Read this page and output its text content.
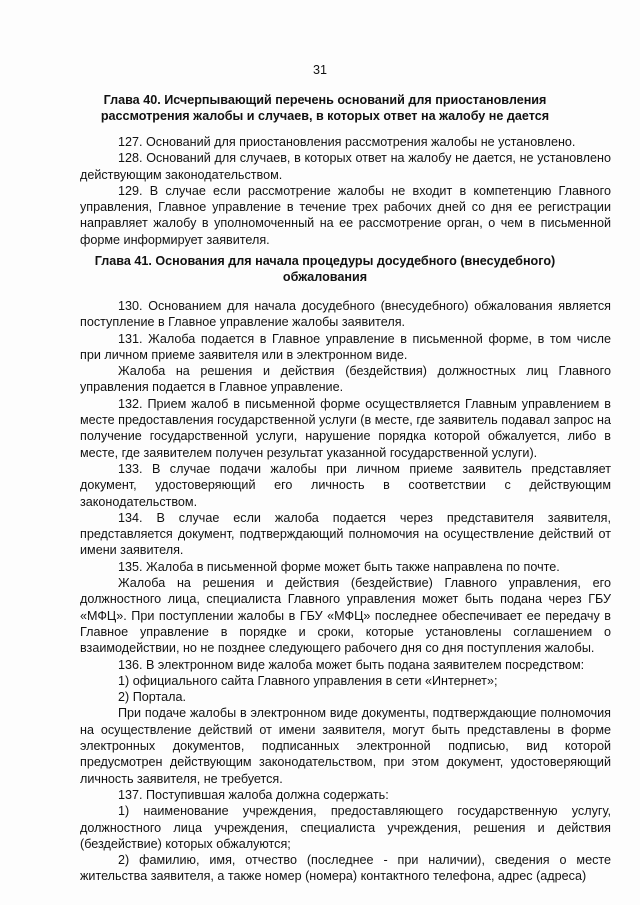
31
Глава 40. Исчерпывающий перечень оснований для приостановления
рассмотрения жалобы и случаев, в которых ответ на жалобу не дается

127. Оснований для приостановления рассмотрения жалобы не установлено.

128. Оснований для случаев, в которых ответ на жалобу не дается, не установлено действующим законодательством.

129. В случае если рассмотрение жалобы не входит в компетенцию Главного управления, Главное управление в течение трех рабочих дней со дня ее регистрации направляет жалобу в уполномоченный на ее рассмотрение орган, о чем в письменной форме информирует заявителя.

Глава 41. Основания для начала процедуры досудебного (внесудебного)
обжалования

130. Основанием для начала досудебного (внесудебного) обжалования является поступление в Главное управление жалобы заявителя.

131. Жалоба подается в Главное управление в письменной форме, в том числе при личном приеме заявителя или в электронном виде.

Жалоба на решения и действия (бездействия) должностных лиц Главного управления подается в Главное управление.

132. Прием жалоб в письменной форме осуществляется Главным управлением в месте предоставления государственной услуги (в месте, где заявитель подавал запрос на получение государственной услуги, нарушение порядка которой обжалуется, либо в месте, где заявителем получен результат указанной государственной услуги).

133. В случае подачи жалобы при личном приеме заявитель представляет документ, удостоверяющий его личность в соответствии с действующим законодательством.

134. В случае если жалоба подается через представителя заявителя, представляется документ, подтверждающий полномочия на осуществление действий от имени заявителя.

135. Жалоба в письменной форме может быть также направлена по почте.

Жалоба на решения и действия (бездействие) Главного управления, его должностного лица, специалиста Главного управления может быть подана через ГБУ «МФЦ». При поступлении жалобы в ГБУ «МФЦ» последнее обеспечивает ее передачу в Главное управление в порядке и сроки, которые установлены соглашением о взаимодействии, но не позднее следующего рабочего дня со дня поступления жалобы.

136. В электронном виде жалоба может быть подана заявителем посредством:

1) официального сайта Главного управления в сети «Интернет»;

2) Портала.

При подаче жалобы в электронном виде документы, подтверждающие полномочия на осуществление действий от имени заявителя, могут быть представлены в форме электронных документов, подписанных электронной подписью, вид которой предусмотрен действующим законодательством, при этом документ, удостоверяющий личность заявителя, не требуется.

137. Поступившая жалоба должна содержать:

1) наименование учреждения, предоставляющего государственную услугу, должностного лица учреждения, специалиста учреждения, решения и действия (бездействие) которых обжалуются;

2) фамилию, имя, отчество (последнее - при наличии), сведения о месте жительства заявителя, а также номер (номера) контактного телефона, адрес (адреса)
